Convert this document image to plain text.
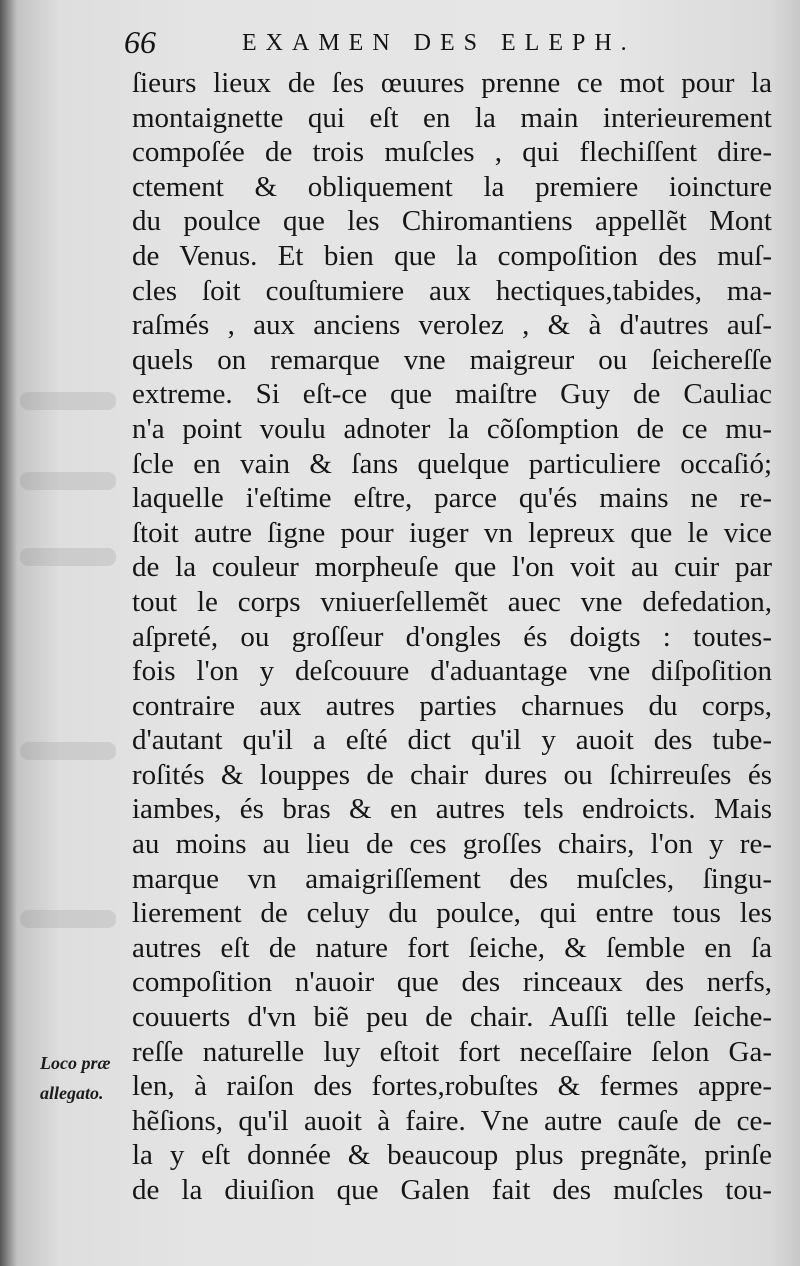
66	EXAMEN DES ELEPH.
ſieurs lieux de ſes œuures prenne ce mot pour la
montaignette qui eſt en la main interieurement
compoſée de trois muſcles , qui flechiſſent dire-
ctement & obliquement la premiere ioincture
du poulce que les Chiromantiens appellẽt Mont
de Venus. Et bien que la compoſition des muſ-
cles ſoit couſtumiere aux hectiques,tabides, ma-
raſmés , aux anciens verolez , & à d'autres auſ-
quels on remarque vne maigreur ou ſeichereſſe
extreme. Si eſt-ce que maiſtre Guy de Cauliac
n'a point voulu adnoter la cõſomption de ce mu-
ſcle en vain & ſans quelque particuliere occaſió;
laquelle i'eſtime eſtre, parce qu'és mains ne re-
ſtoit autre ſigne pour iuger vn lepreux que le vice
de la couleur morpheuſe que l'on voit au cuir par
tout le corps vniuerſellemẽt auec vne defedation,
aſpreté, ou groſſeur d'ongles és doigts : toutes-
fois l'on y deſcouure d'aduantage vne diſpoſition
contraire aux autres parties charnues du corps,
d'autant qu'il a eſté dict qu'il y auoit des tube-
roſités & louppes de chair dures ou ſchirreuſes és
iambes, és bras & en autres tels endroicts. Mais
au moins au lieu de ces groſſes chairs, l'on y re-
marque vn amaigriſſement des muſcles, ſingu-
lierement de celuy du poulce, qui entre tous les
autres eſt de nature fort ſeiche, & ſemble en ſa
compoſition n'auoir que des rinceaux des nerfs,
couuerts d'vn biẽ peu de chair. Auſſi telle ſeiche-
reſſe naturelle luy eſtoit fort neceſſaire ſelon Ga-
len, à raiſon des fortes,robuſtes & fermes appre-
hẽſions, qu'il auoit à faire. Vne autre cauſe de ce-
la y eſt donnée & beaucoup plus pregnãte, prinſe
de la diuiſion que Galen fait des muſcles tou-
Loco præ
allegato.
